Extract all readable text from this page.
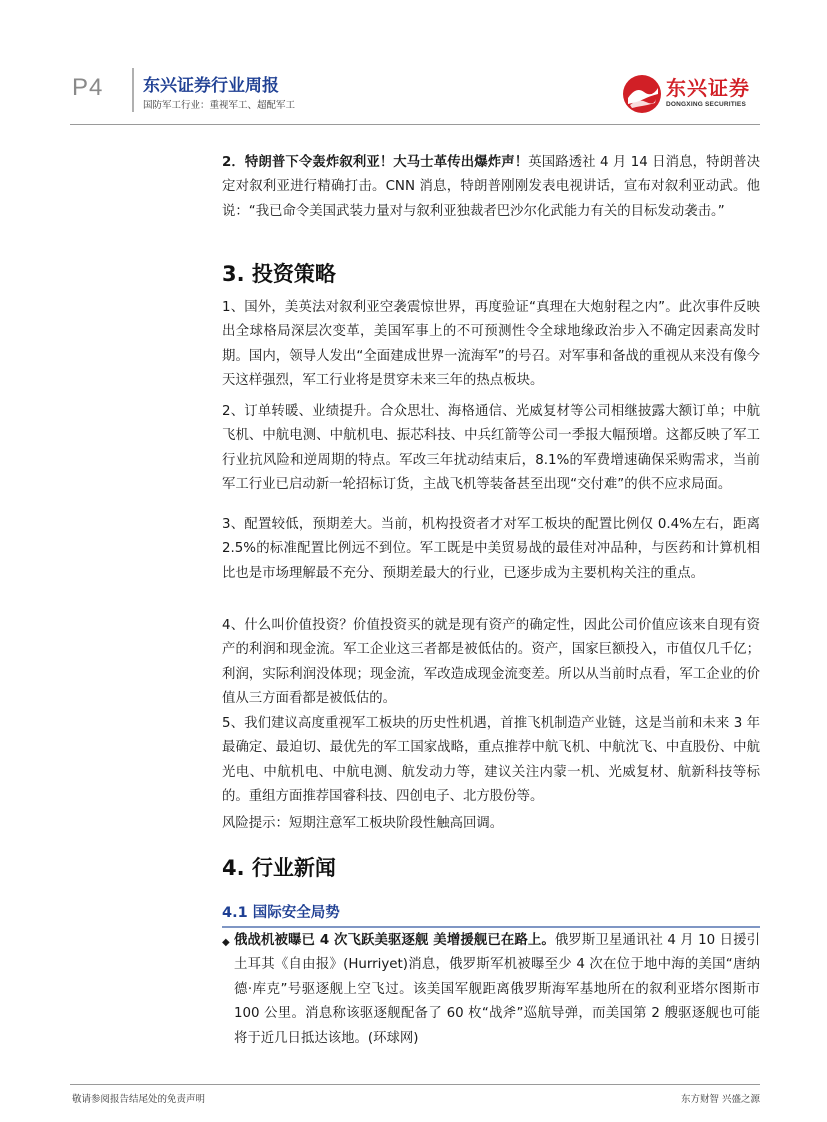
P4 东兴证券行业周报
国防军工行业：重视军工、超配军工
东兴证券
DONGXING SECURITIES
2．特朗普下令轰炸叙利亚！大马士革传出爆炸声！英国路透社 4 月 14 日消息，特朗普决定对叙利亚进行精确打击。CNN 消息，特朗普刚刚发表电视讲话，宣布对叙利亚动武。他说：“我已命令美国武装力量对与叙利亚独裁者巴沙尔化武能力有关的目标发动袭击。”
3. 投资策略
1、国外，美英法对叙利亚空袭震惊世界，再度验证“真理在大炮射程之内”。此次事件反映出全球格局深层次变革，美国军事上的不可预测性令全球地缘政治步入不确定因素高发时期。国内，领导人发出“全面建成世界一流海军”的号召。对军事和备战的重视从来没有像今天这样强烈，军工行业将是贯穿未来三年的热点板块。
2、订单转暖、业绩提升。合众思壮、海格通信、光威复材等公司相继披露大额订单；中航飞机、中航电测、中航机电、振芯科技、中兵红箭等公司一季报大幅预增。这都反映了军工行业抗风险和逆周期的特点。军改三年扰动结束后，8.1%的军费增速确保采购需求，当前军工行业已启动新一轮招标订货，主战飞机等装备甚至出现“交付难”的供不应求局面。
3、配置较低，预期差大。当前，机构投资者才对军工板块的配置比例仅 0.4%左右，距离 2.5%的标准配置比例远不到位。军工既是中美贸易战的最佳对冲品种，与医药和计算机相比也是市场理解最不充分、预期差最大的行业，已逐步成为主要机构关注的重点。
4、什么叫价值投资？价值投资买的就是现有资产的确定性，因此公司价值应该来自现有资产的利润和现金流。军工企业这三者都是被低估的。资产，国家巨额投入，市值仅几千亿；利润，实际利润没体现；现金流，军改造成现金流变差。所以从当前时点看，军工企业的价值从三方面看都是被低估的。
5、我们建议高度重视军工板块的历史性机遇，首推飞机制造产业链，这是当前和未来 3 年最确定、最迫切、最优先的军工国家战略，重点推荐中航飞机、中航沈飞、中直股份、中航光电、中航机电、中航电测、航发动力等，建议关注内蒙一机、光威复材、航新科技等标的。重组方面推荐国睿科技、四创电子、北方股份等。
风险提示：短期注意军工板块阶段性触高回调。
4. 行业新闻
4.1 国际安全局势
◆ 俄战机被曝已 4 次飞跃美驱逐舰 美增援舰已在路上。俄罗斯卫星通讯社 4 月 10 日援引土耳其《自由报》(Hurriyet)消息，俄罗斯军机被曝至少 4 次在位于地中海的美国“唐纳德·库克”号驱逐舰上空飞过。该美国军舰距离俄罗斯海军基地所在的叙利亚塔尔图斯市 100 公里。消息称该驱逐舰配备了 60 枚“战斧”巡航导弹，而美国第 2 艘驱逐舰也可能将于近几日抵达该地。(环球网)
敬请参阅报告结尾处的免责声明	东方财智 兴盛之源
